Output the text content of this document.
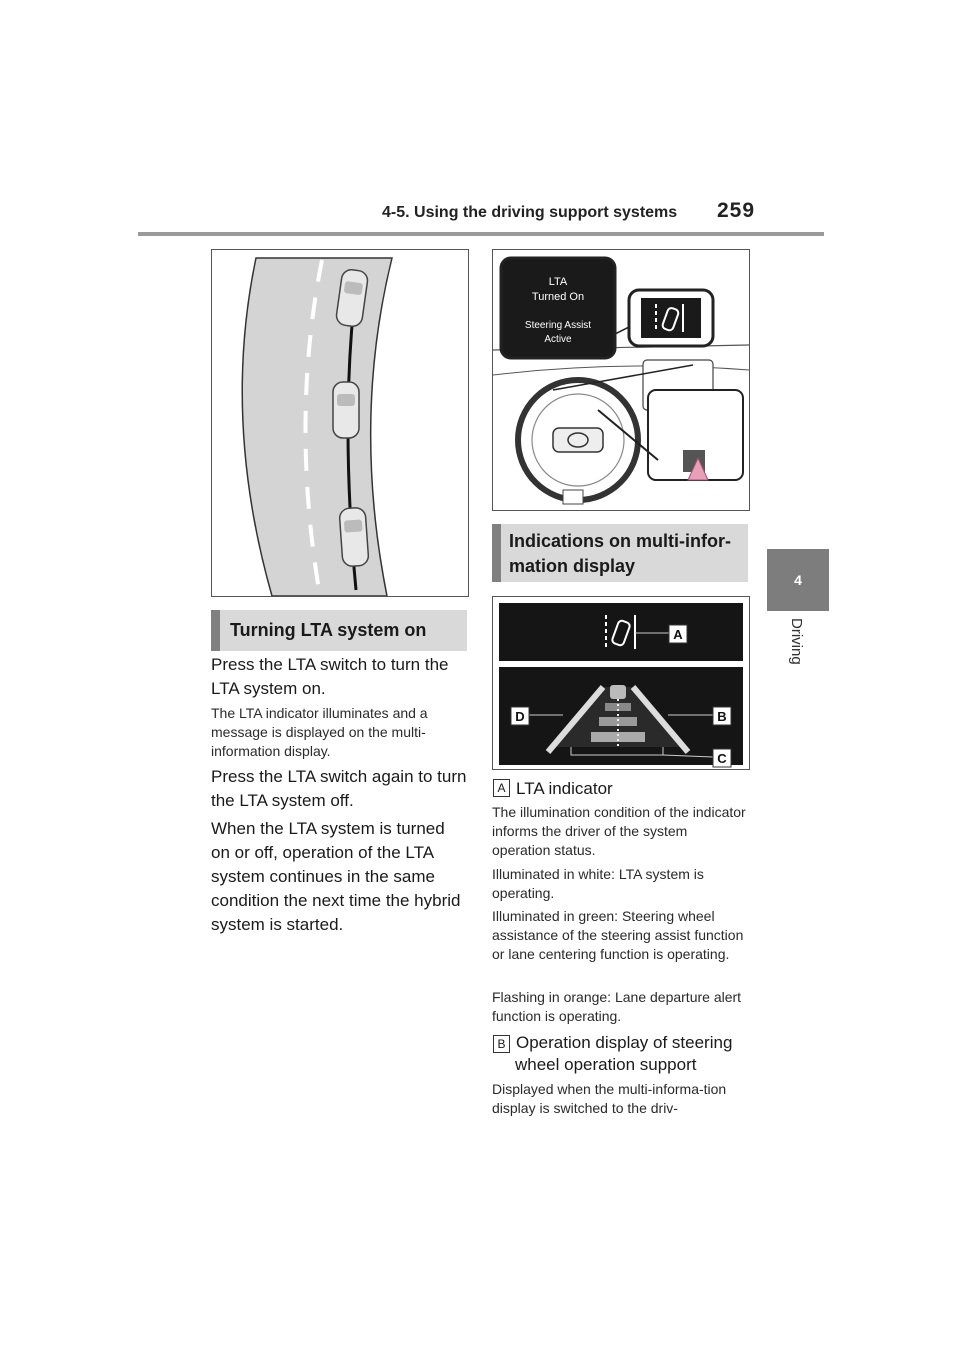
4-5. Using the driving support systems 259
4
Driving
LTA
Turned On
Steering Assist
Active
Turning LTA system on

Press the LTA switch to turn the LTA system on.

The LTA indicator illuminates and a message is displayed on the multi-information display.

Press the LTA switch again to turn the LTA system off.

When the LTA system is turned on or off, operation of the LTA system continues in the same condition the next time the hybrid system is started.

Indications on multi-infor-mation display
A
D	B
C
A LTA indicator

The illumination condition of the indicator informs the driver of the system operation status.

Illuminated in white: LTA system is operating.

Illuminated in green: Steering wheel assistance of the steering assist function or lane centering function is operating.

Flashing in orange: Lane departure alert function is operating.

B Operation display of steering wheel operation support

Displayed when the multi-informa-tion display is switched to the driv-
